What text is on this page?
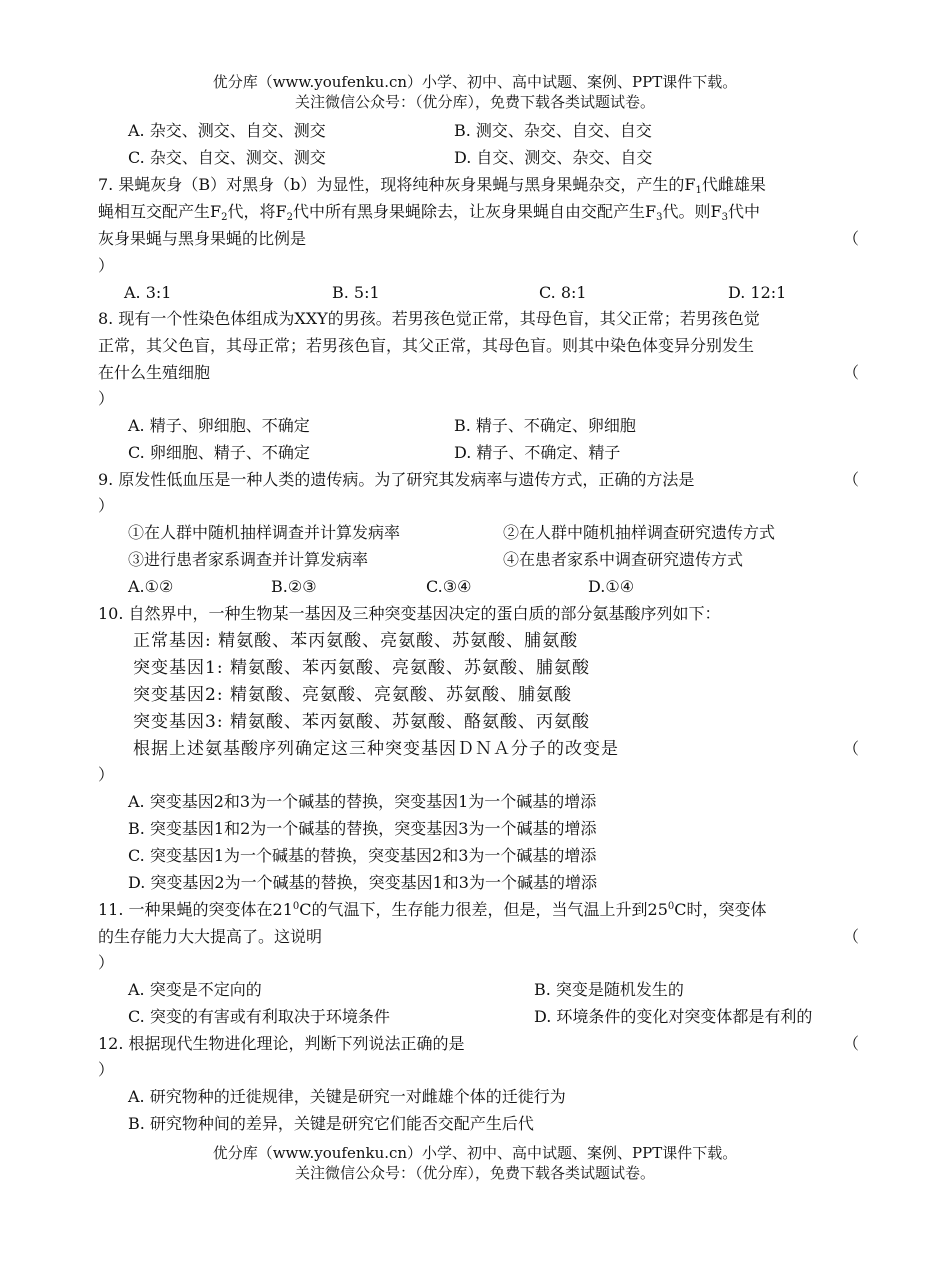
优分库（www.youfenku.cn）小学、初中、高中试题、案例、PPT课件下载。
关注微信公众号：（优分库），免费下载各类试题试卷。
A. 杂交、测交、自交、测交	B. 测交、杂交、自交、自交
C. 杂交、自交、测交、测交	D. 自交、测交、杂交、自交
7. 果蝇灰身（B）对黑身（b）为显性，现将纯种灰身果蝇与黑身果蝇杂交，产生的$F_1$代雌雄果
蝇相互交配产生$F_2$代，将$F_2$代中所有黑身果蝇除去，让灰身果蝇自由交配产生$F_3$代。则$F_3$代中
灰身果蝇与黑身果蝇的比例是	（
）
A. 3:1	B. 5:1	C. 8:1	D. 12:1
8. 现有一个性染色体组成为XXY的男孩。若男孩色觉正常，其母色盲，其父正常；若男孩色觉
正常，其父色盲，其母正常；若男孩色盲，其父正常，其母色盲。则其中染色体变异分别发生
在什么生殖细胞	（
）
A. 精子、卵细胞、不确定	B. 精子、不确定、卵细胞
C. 卵细胞、精子、不确定	D. 精子、不确定、精子
9. 原发性低血压是一种人类的遗传病。为了研究其发病率与遗传方式，正确的方法是	（
）
①在人群中随机抽样调查并计算发病率	②在人群中随机抽样调查研究遗传方式
③进行患者家系调查并计算发病率	④在患者家系中调查研究遗传方式
A.①②	B.②③	C.③④	D.①④
10. 自然界中，一种生物某一基因及三种突变基因决定的蛋白质的部分氨基酸序列如下：
正常基因: 精氨酸、苯丙氨酸、亮氨酸、苏氨酸、脯氨酸
突变基因1: 精氨酸、苯丙氨酸、亮氨酸、苏氨酸、脯氨酸
突变基因2: 精氨酸、亮氨酸、亮氨酸、苏氨酸、脯氨酸
突变基因3: 精氨酸、苯丙氨酸、苏氨酸、酪氨酸、丙氨酸
根据上述氨基酸序列确定这三种突变基因ＤＮＡ分子的改变是	（
）
A. 突变基因2和3为一个碱基的替换，突变基因1为一个碱基的增添
B. 突变基因1和2为一个碱基的替换，突变基因3为一个碱基的增添
C. 突变基因1为一个碱基的替换，突变基因2和3为一个碱基的增添
D. 突变基因2为一个碱基的替换，突变基因1和3为一个碱基的增添
11. 一种果蝇的突变体在$21^0C$的气温下，生存能力很差，但是，当气温上升到$25^0C$时，突变体
的生存能力大大提高了。这说明	（
）
A. 突变是不定向的	B. 突变是随机发生的
C. 突变的有害或有利取决于环境条件	D. 环境条件的变化对突变体都是有利的
12. 根据现代生物进化理论，判断下列说法正确的是	（
）
A. 研究物种的迁徙规律，关键是研究一对雌雄个体的迁徙行为
B. 研究物种间的差异，关键是研究它们能否交配产生后代
优分库（www.youfenku.cn）小学、初中、高中试题、案例、PPT课件下载。
关注微信公众号：（优分库），免费下载各类试题试卷。
